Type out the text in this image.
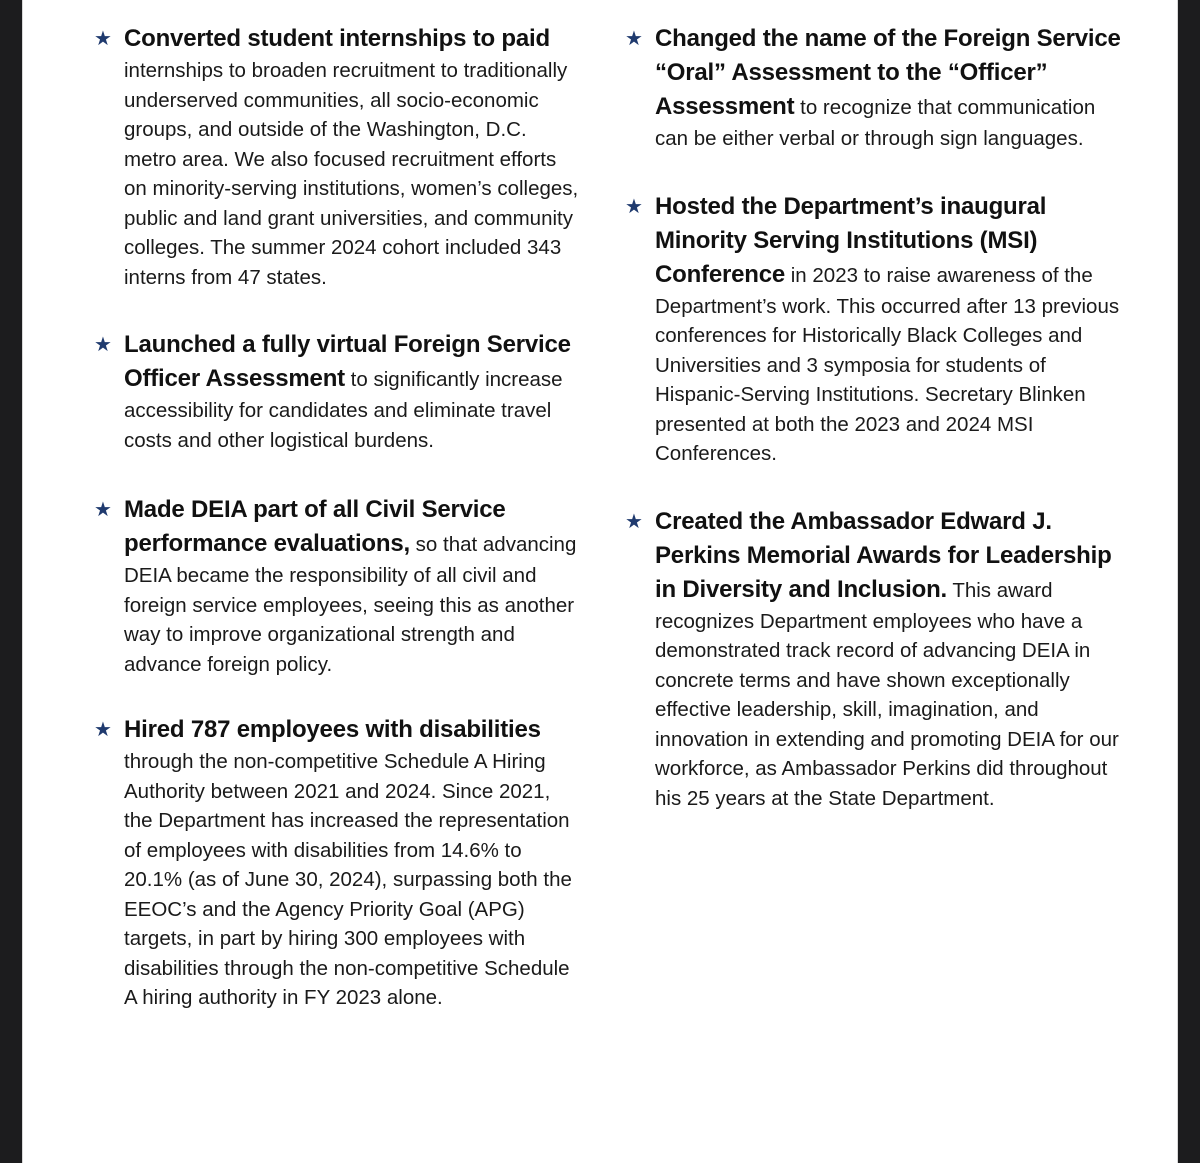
★ Converted student internships to paid internships to broaden recruitment to traditionally underserved communities, all socio-economic groups, and outside of the Washington, D.C. metro area. We also focused recruitment efforts on minority-serving institutions, women’s colleges, public and land grant universities, and community colleges. The summer 2024 cohort included 343 interns from 47 states.
★ Launched a fully virtual Foreign Service Officer Assessment to significantly increase accessibility for candidates and eliminate travel costs and other logistical burdens.
★ Made DEIA part of all Civil Service performance evaluations, so that advancing DEIA became the responsibility of all civil and foreign service employees, seeing this as another way to improve organizational strength and advance foreign policy.
★ Hired 787 employees with disabilities through the non-competitive Schedule A Hiring Authority between 2021 and 2024. Since 2021, the Department has increased the representation of employees with disabilities from 14.6% to 20.1% (as of June 30, 2024), surpassing both the EEOC’s and the Agency Priority Goal (APG) targets, in part by hiring 300 employees with disabilities through the non-competitive Schedule A hiring authority in FY 2023 alone.
★ Changed the name of the Foreign Service “Oral” Assessment to the “Officer” Assessment to recognize that communication can be either verbal or through sign languages.
★ Hosted the Department’s inaugural Minority Serving Institutions (MSI) Conference in 2023 to raise awareness of the Department’s work. This occurred after 13 previous conferences for Historically Black Colleges and Universities and 3 symposia for students of Hispanic-Serving Institutions. Secretary Blinken presented at both the 2023 and 2024 MSI Conferences.
★ Created the Ambassador Edward J. Perkins Memorial Awards for Leadership in Diversity and Inclusion. This award recognizes Department employees who have a demonstrated track record of advancing DEIA in concrete terms and have shown exceptionally effective leadership, skill, imagination, and innovation in extending and promoting DEIA for our workforce, as Ambassador Perkins did throughout his 25 years at the State Department.
